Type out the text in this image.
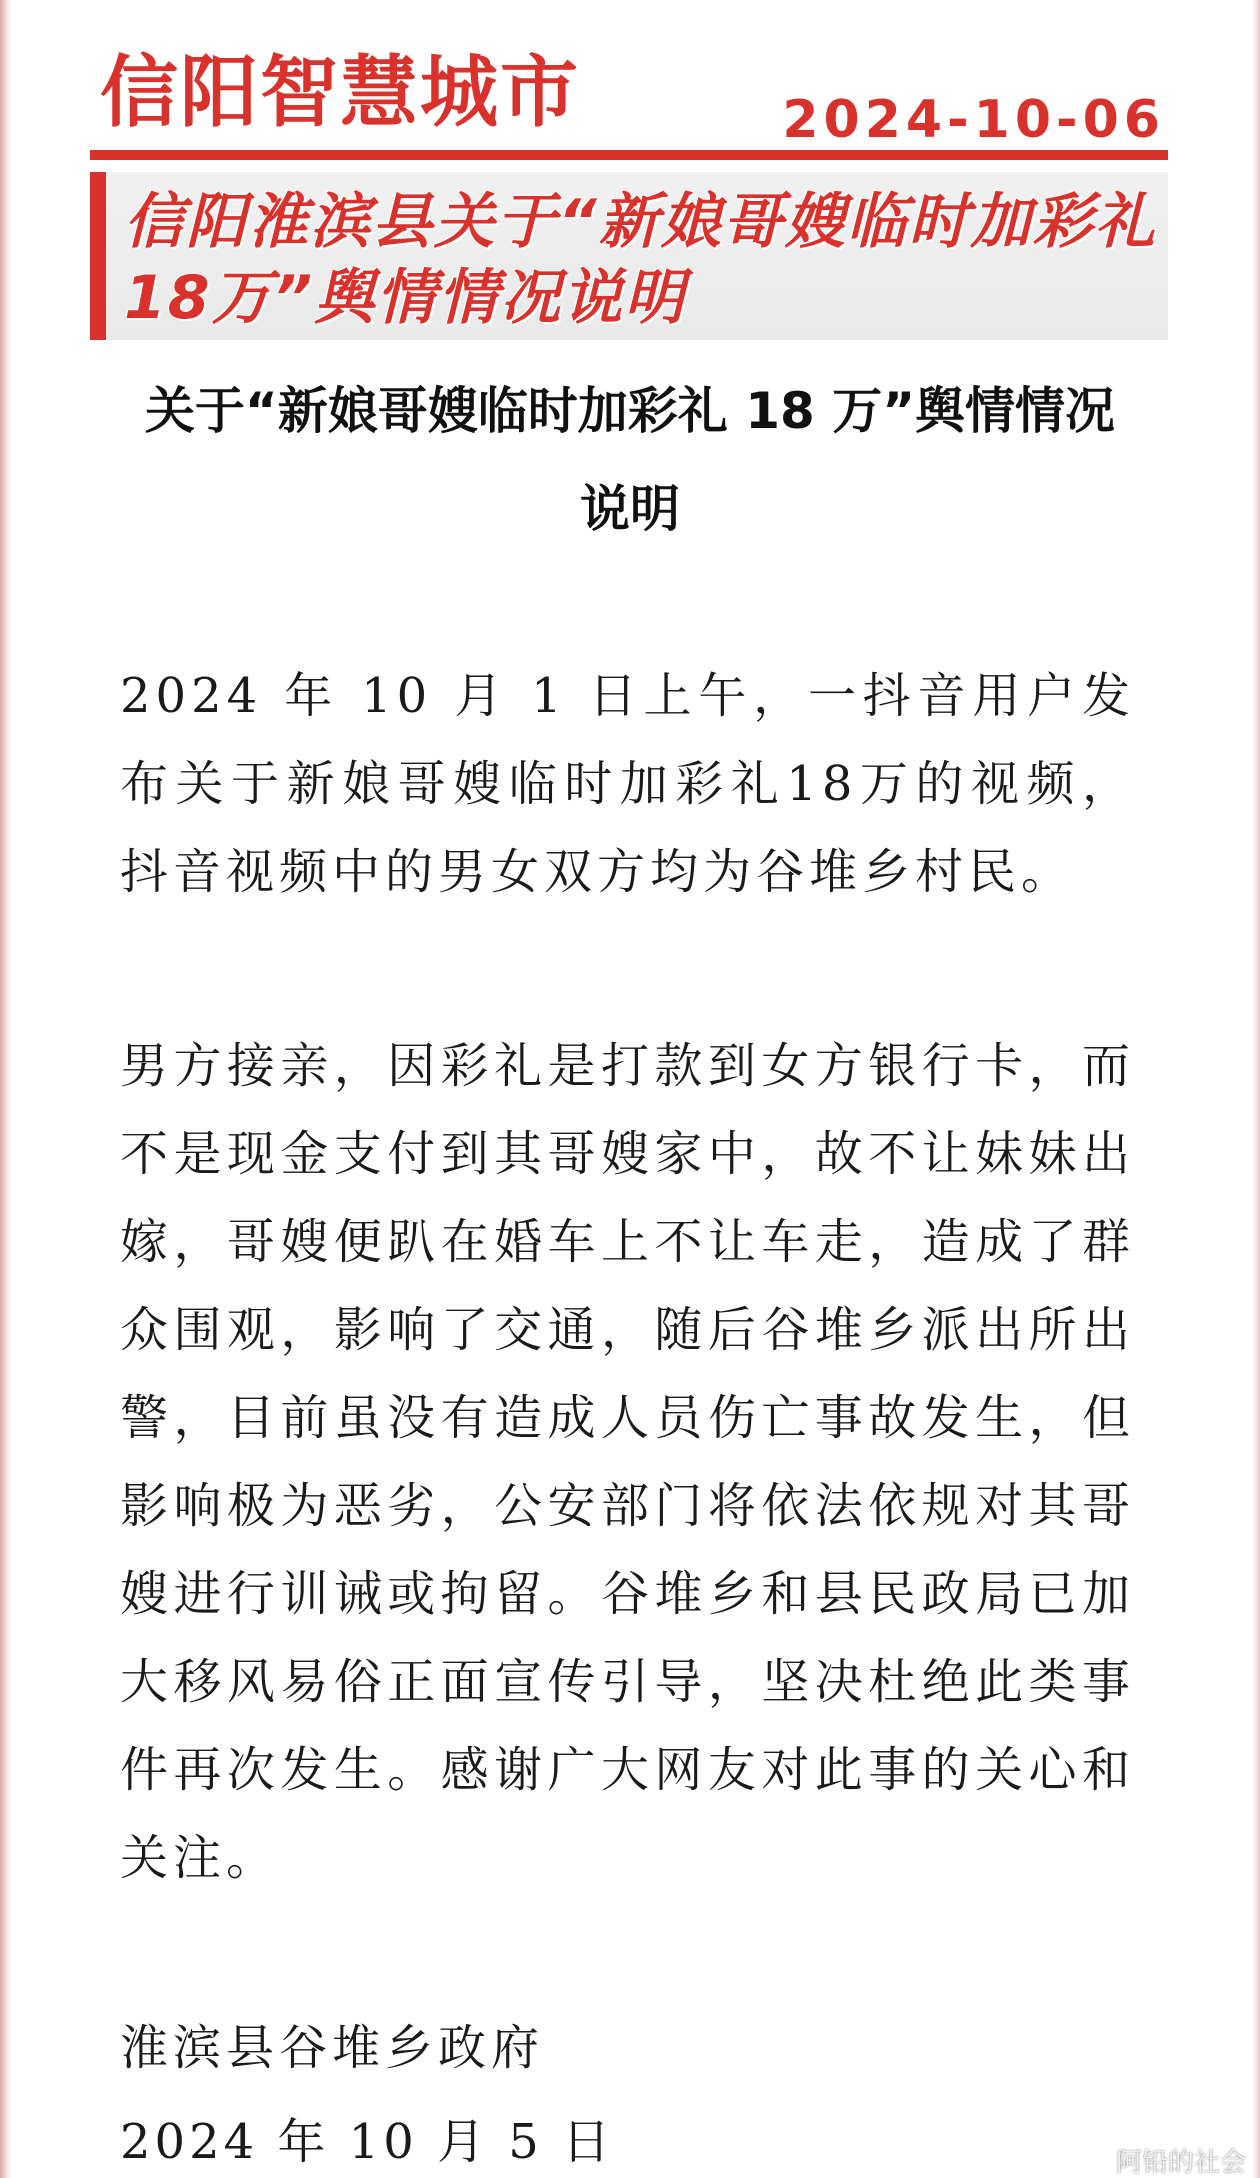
信阳智慧城市	2024-10-06
信阳淮滨县关于“新娘哥嫂临时加彩礼18万”舆情情况说明
关于“新娘哥嫂临时加彩礼 18 万”舆情情况说明

2024 年 10 月 1 日上午，一抖音用户发布关于新娘哥嫂临时加彩礼18万的视频，抖音视频中的男女双方均为谷堆乡村民。

男方接亲，因彩礼是打款到女方银行卡，而不是现金支付到其哥嫂家中，故不让妹妹出嫁，哥嫂便趴在婚车上不让车走，造成了群众围观，影响了交通，随后谷堆乡派出所出警，目前虽没有造成人员伤亡事故发生，但影响极为恶劣，公安部门将依法依规对其哥嫂进行训诫或拘留。谷堆乡和县民政局已加大移风易俗正面宣传引导，坚决杜绝此类事件再次发生。感谢广大网友对此事的关心和关注。

淮滨县谷堆乡政府
2024 年 10 月 5 日	阿铅的社会
